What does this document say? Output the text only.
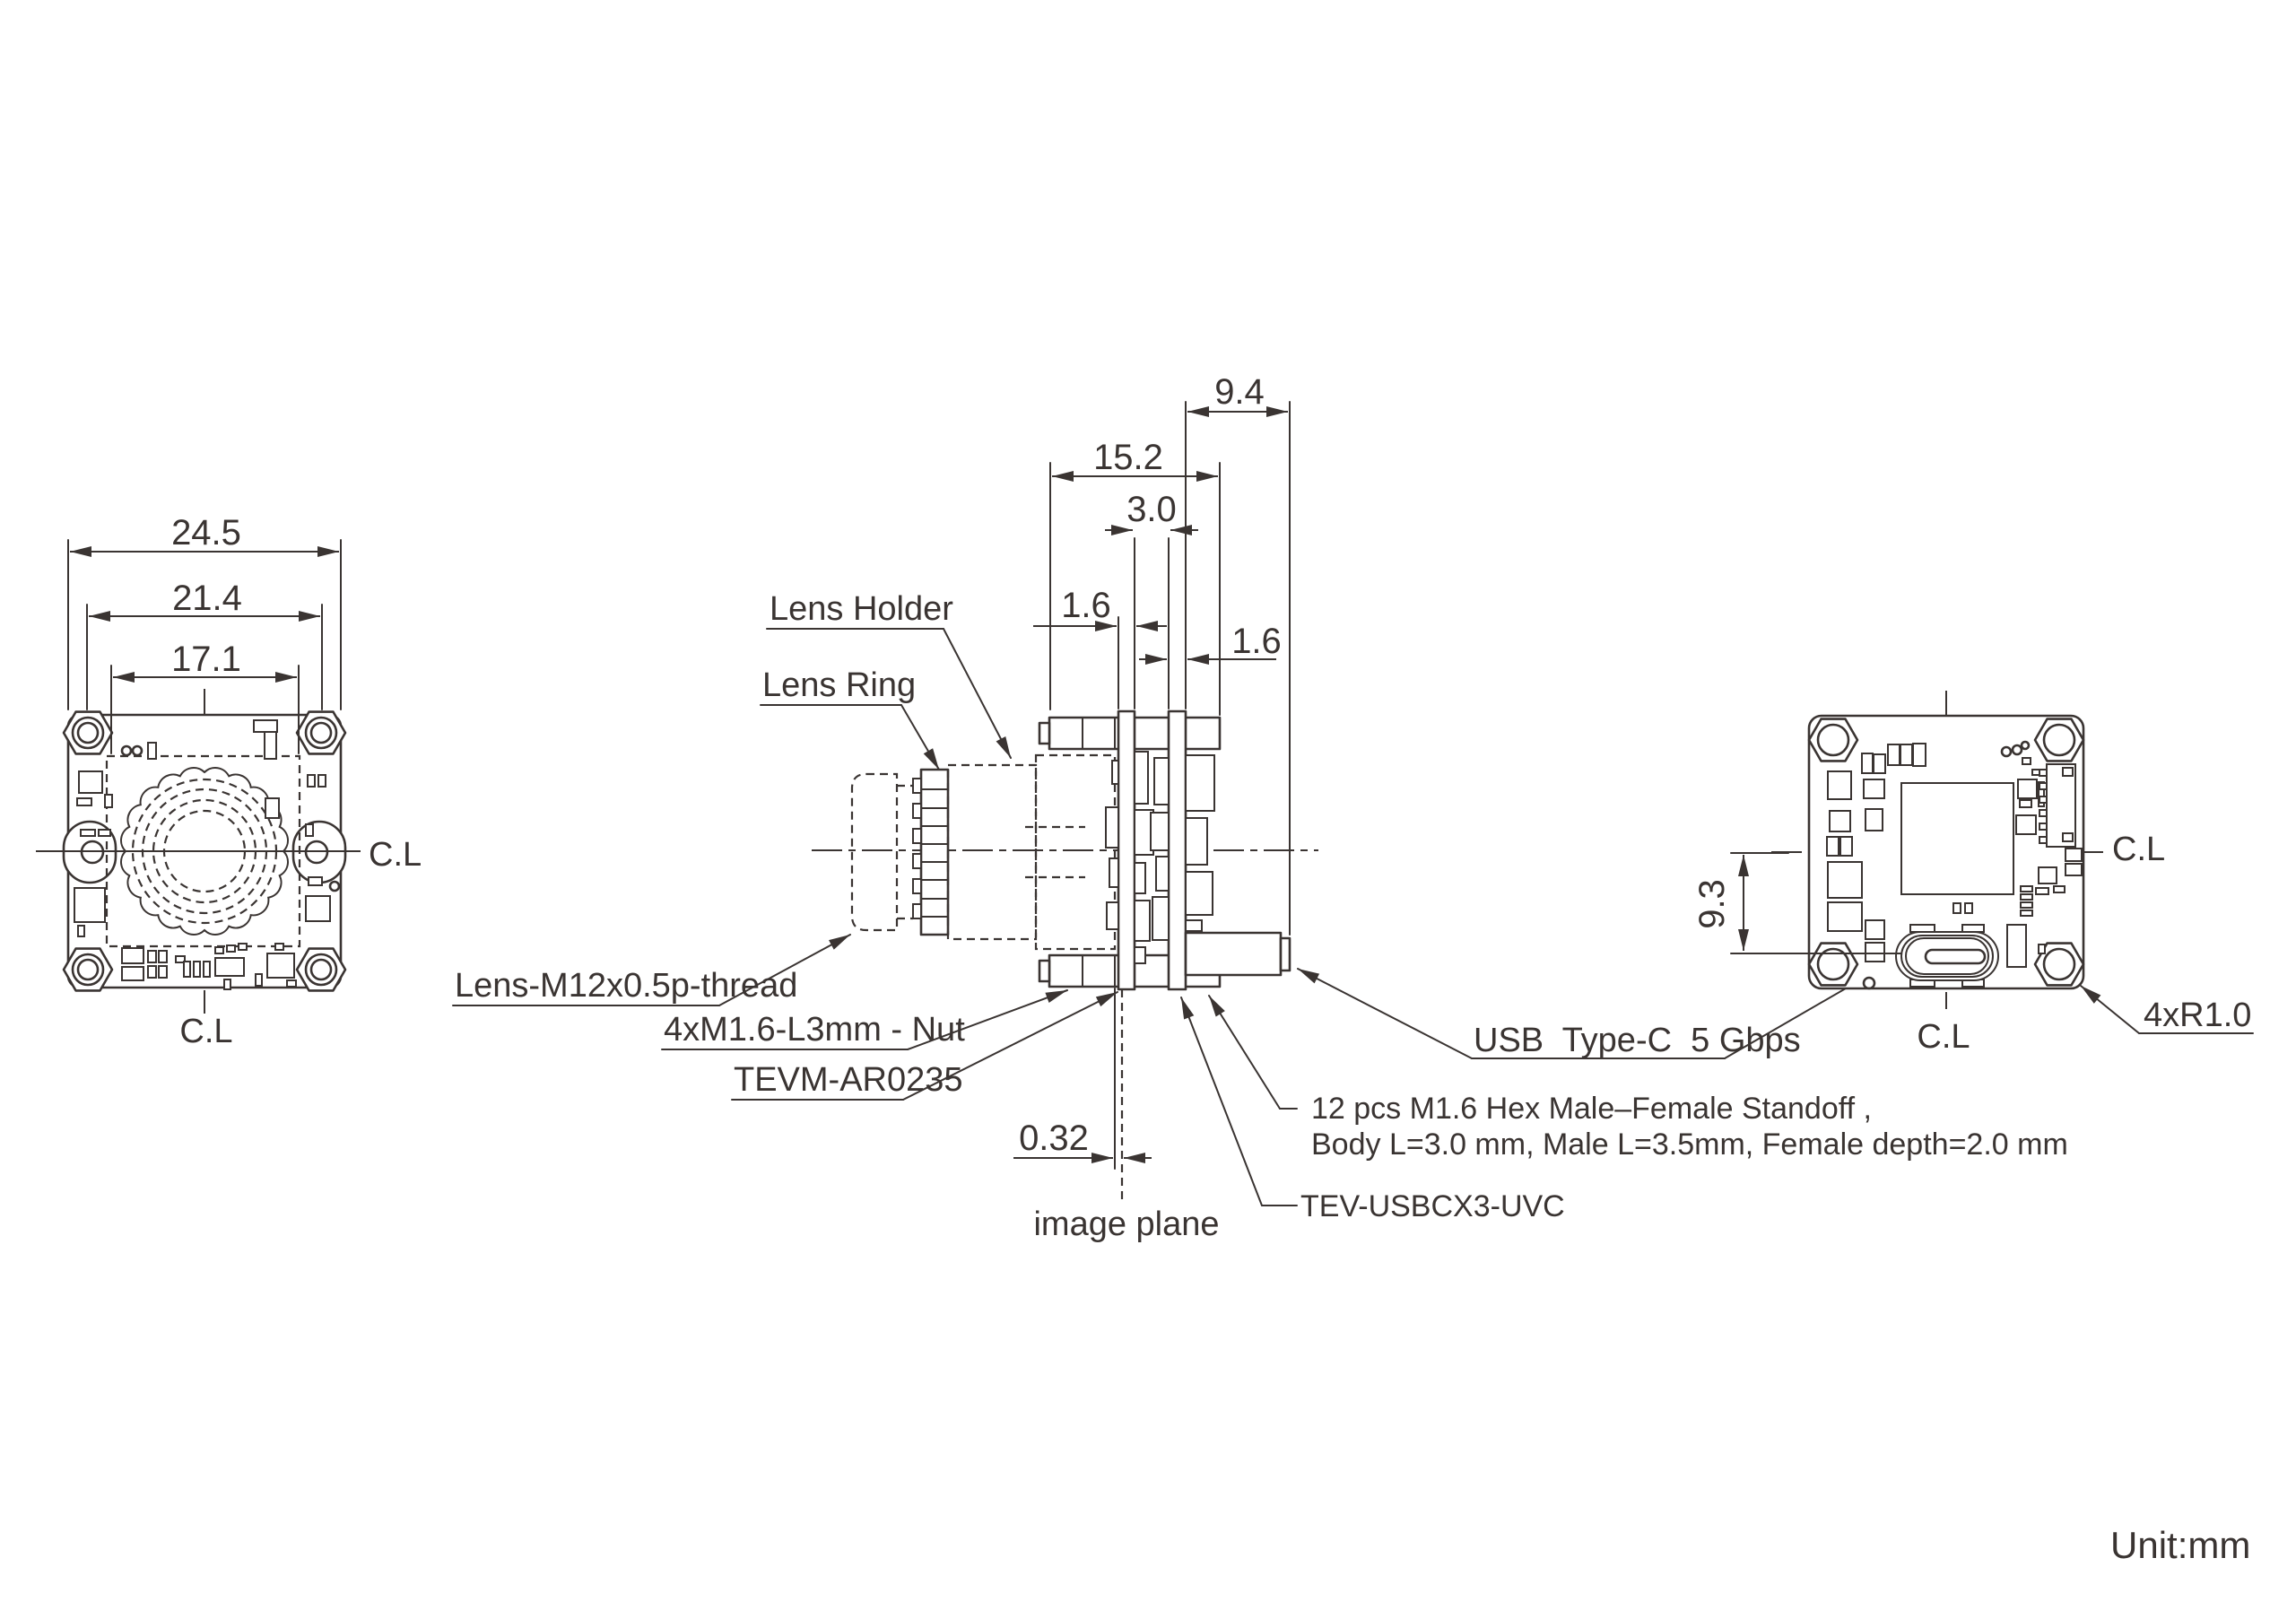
24.5
21.4
17.1
C.L
C.L
9.4
15.2
3.0
1.6
1.6
0.32
Lens Holder
Lens Ring
Lens-M12x0.5p-thread
4xM1.6-L3mm - Nut
TEVM-AR0235
image plane	TEV-USBCX3-UVC
12 pcs M1.6 Hex Male–Female Standoff ,
Body L=3.0 mm, Male L=3.5mm, Female depth=2.0 mm
USB  Type-C  5 Gbps
9.3
C.L
C.L
4xR1.0
Unit:mm
